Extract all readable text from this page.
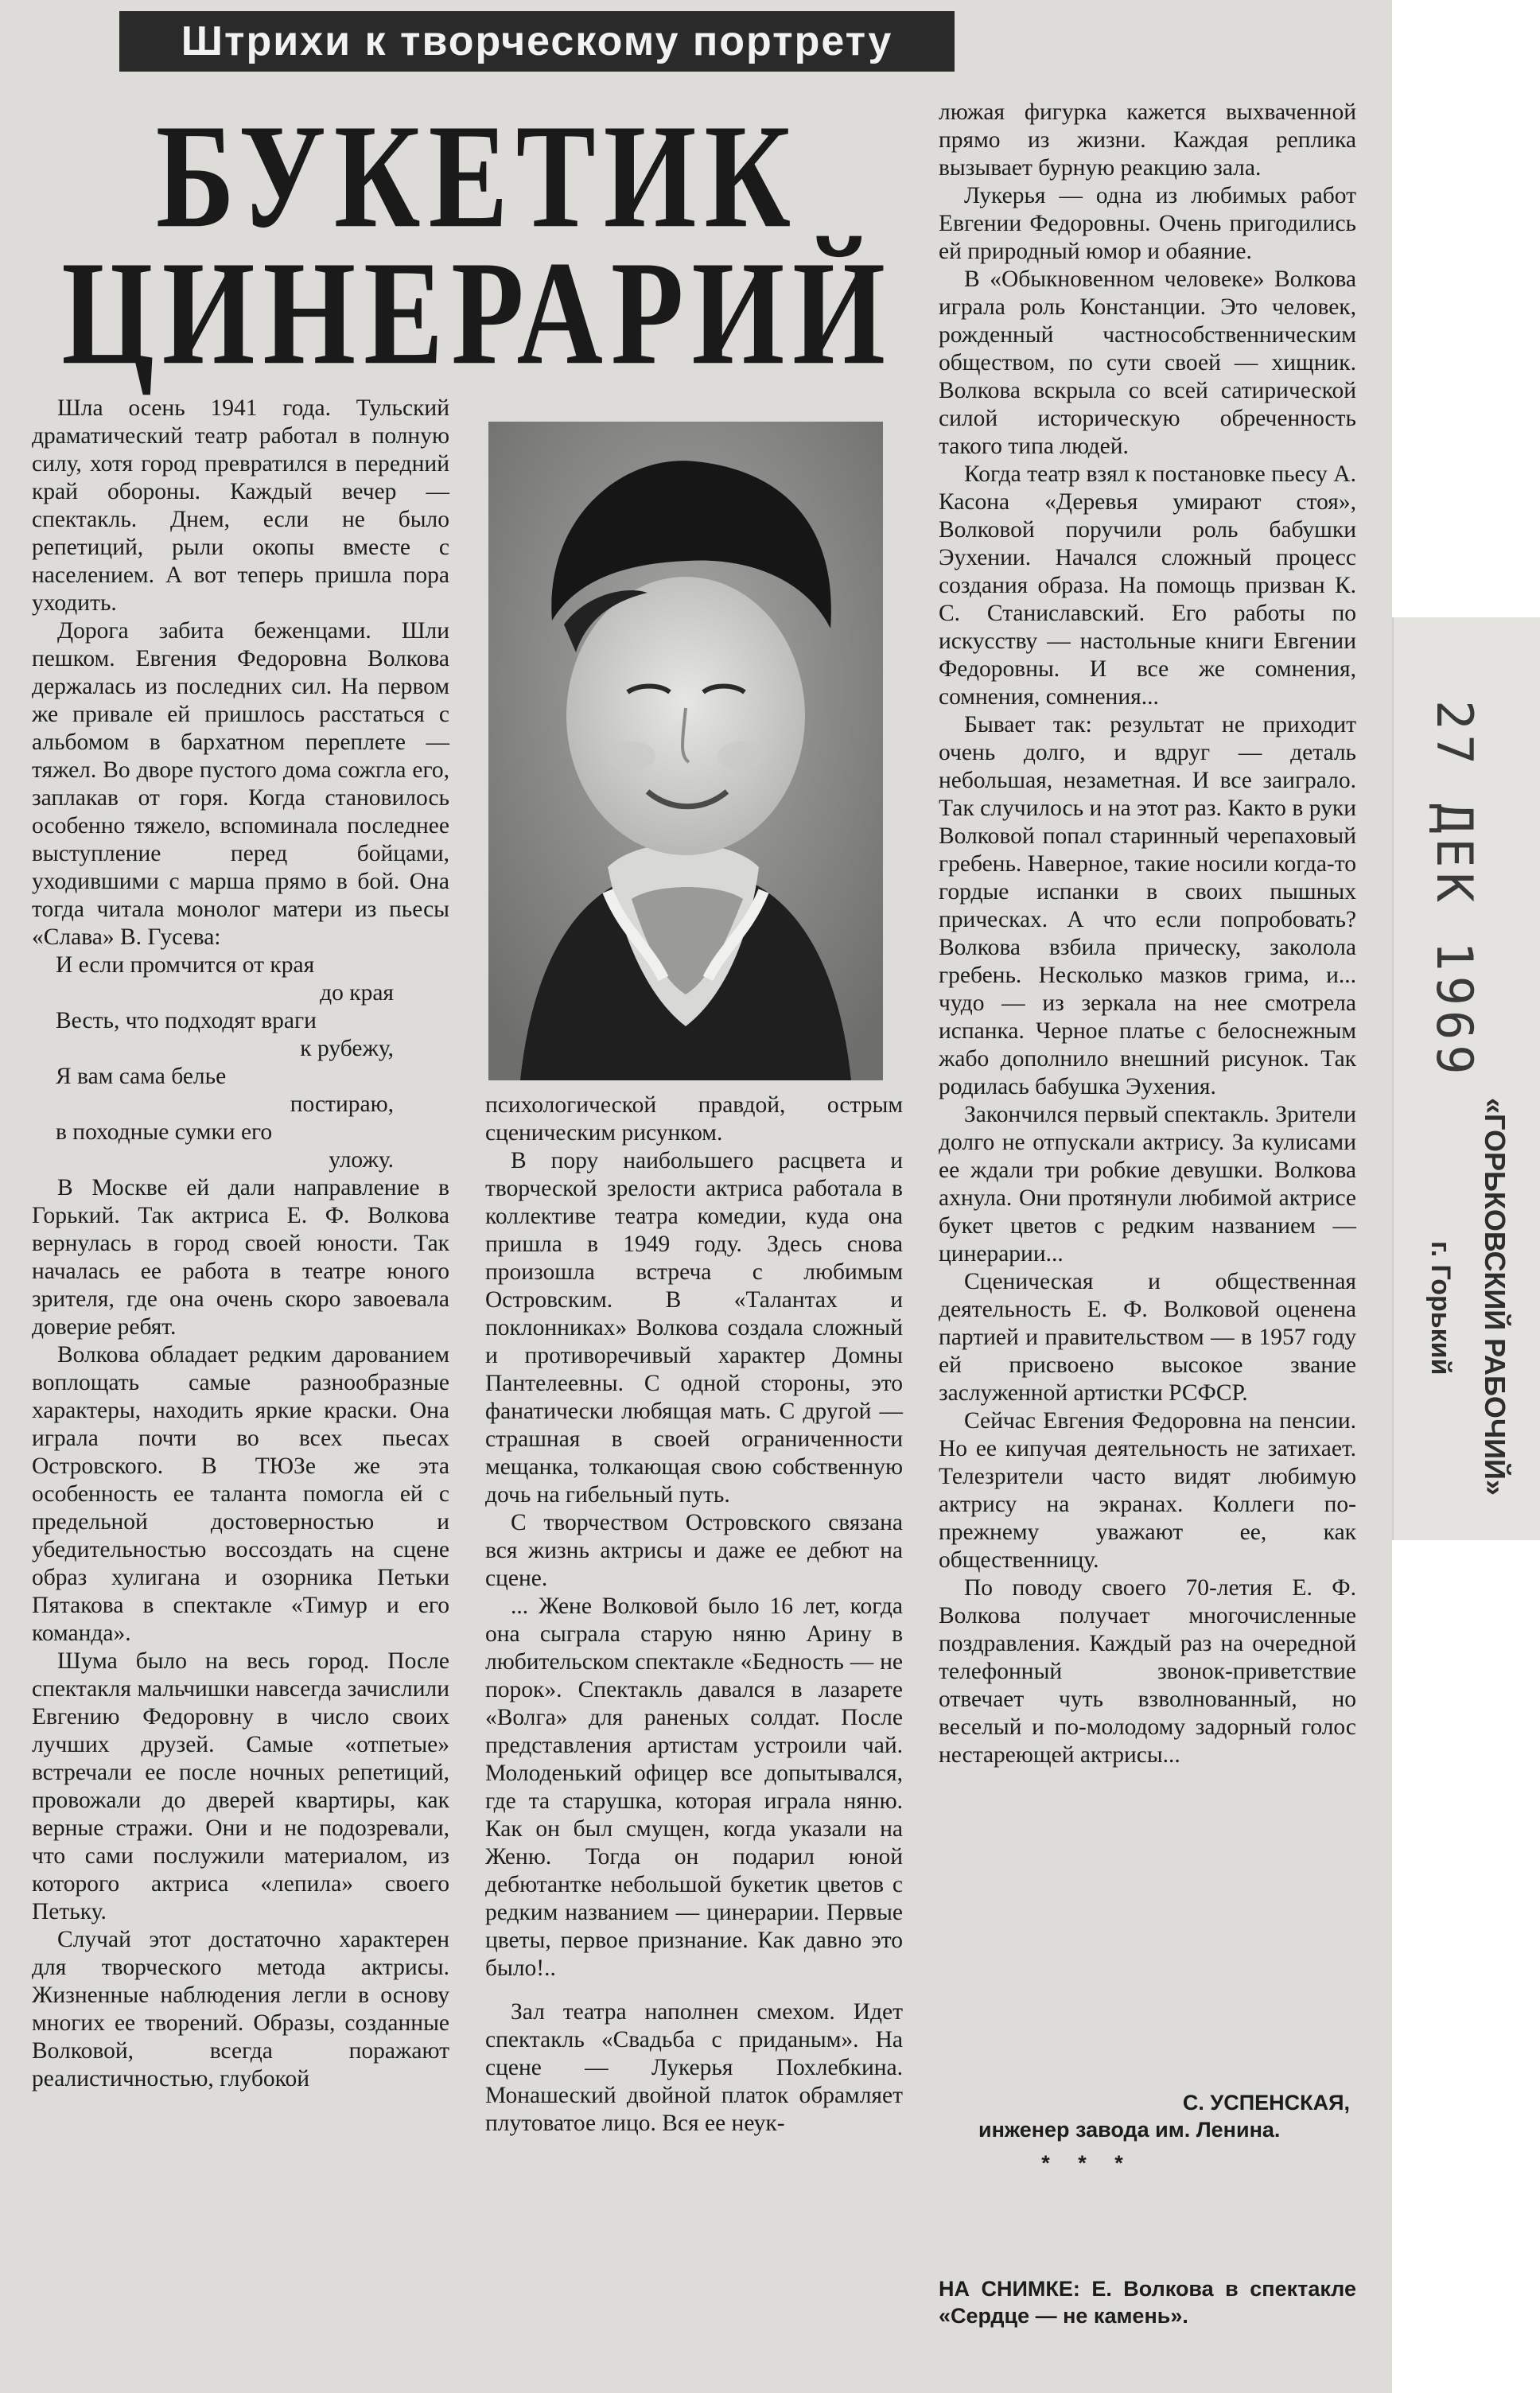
Штрихи к творческому портрету
БУКЕТИК
ЦИНЕРАРИЙ

Шла осень 1941 года. Тульский драматический театр работал в полную силу, хотя город превратился в передний край обороны. Каждый вечер — спектакль. Днем, если не было репетиций, рыли окопы вместе с населением. А вот теперь пришла пора уходить.

Дорога забита беженцами. Шли пешком. Евгения Федоровна Волкова держалась из последних сил. На первом же привале ей пришлось расстаться с альбомом в бархатном переплете — тяжел. Во дворе пустого дома сожгла его, заплакав от горя. Когда становилось особенно тяжело, вспоминала последнее выступление перед бойцами, уходившими с марша прямо в бой. Она тогда читала монолог матери из пьесы «Слава» В. Гусева:

И если промчится от края
до края

Весть, что подходят враги
к рубежу,

Я вам сама белье
постираю,

в походные сумки его
уложу.

В Москве ей дали направление в Горький. Так актриса Е. Ф. Волкова вернулась в город своей юности. Так началась ее работа в театре юного зрителя, где она очень скоро завоевала доверие ребят.

Волкова обладает редким дарованием воплощать самые разнообразные характеры, находить яркие краски. Она играла почти во всех пьесах Островского. В ТЮЗе же эта особенность ее таланта помогла ей с предельной достоверностью и убедительностью воссоздать на сцене образ хулигана и озорника Петьки Пятакова в спектакле «Тимур и его команда».

Шума было на весь город. После спектакля мальчишки навсегда зачислили Евгению Федоровну в число своих лучших друзей. Самые «отпетые» встречали ее после ночных репетиций, провожали до дверей квартиры, как верные стражи. Они и не подозревали, что сами послужили материалом, из которого актриса «лепила» своего Петьку.

Случай этот достаточно характерен для творческого метода актрисы. Жизненные наблюдения легли в основу многих ее творений. Образы, созданные Волковой, всегда поражают реалистичностью, глубокой

психологической правдой, острым сценическим рисунком.

В пору наибольшего расцвета и творческой зрелости актриса работала в коллективе театра комедии, куда она пришла в 1949 году. Здесь снова произошла встреча с любимым Островским. В «Талантах и поклонниках» Волкова создала сложный и противоречивый характер Домны Пантелеевны. С одной стороны, это фанатически любящая мать. С другой — страшная в своей ограниченности мещанка, толкающая свою собственную дочь на гибельный путь.

С творчеством Островского связана вся жизнь актрисы и даже ее дебют на сцене.

... Жене Волковой было 16 лет, когда она сыграла старую няню Арину в любительском спектакле «Бедность — не порок». Спектакль давался в лазарете «Волга» для раненых солдат. После представления артистам устроили чай. Молоденький офицер все допытывался, где та старушка, которая играла няню. Как он был смущен, когда указали на Женю. Тогда он подарил юной дебютантке небольшой букетик цветов с редким названием — цинерарии. Первые цветы, первое признание. Как давно это было!..

Зал театра наполнен смехом. Идет спектакль «Свадьба с приданым». На сцене — Лукерья Похлебкина. Монашеский двойной платок обрамляет плутоватое лицо. Вся ее неук-

люжая фигурка кажется выхваченной прямо из жизни. Каждая реплика вызывает бурную реакцию зала.

Лукерья — одна из любимых работ Евгении Федоровны. Очень пригодились ей природный юмор и обаяние.

В «Обыкновенном человеке» Волкова играла роль Констанции. Это человек, рожденный частнособственническим обществом, по сути своей — хищник. Волкова вскрыла со всей сатирической силой историческую обреченность такого типа людей.

Когда театр взял к постановке пьесу А. Касона «Деревья умирают стоя», Волковой поручили роль бабушки Эухении. Начался сложный процесс создания образа. На помощь призван К. С. Станиславский. Его работы по искусству — настольные книги Евгении Федоровны. И все же сомнения, сомнения, сомнения...

Бывает так: результат не приходит очень долго, и вдруг — деталь небольшая, незаметная. И все заиграло. Так случилось и на этот раз. Както в руки Волковой попал старинный черепаховый гребень. Наверное, такие носили когда-то гордые испанки в своих пышных прическах. А что если попробовать? Волкова взбила прическу, заколола гребень. Несколько мазков грима, и... чудо — из зеркала на нее смотрела испанка. Черное платье с белоснежным жабо дополнило внешний рисунок. Так родилась бабушка Эухения.

Закончился первый спектакль. Зрители долго не отпускали актрису. За кулисами ее ждали три робкие девушки. Волкова ахнула. Они протянули любимой актрисе букет цветов с редким названием — цинерарии...

Сценическая и общественная деятельность Е. Ф. Волковой оценена партией и правительством — в 1957 году ей присвоено высокое звание заслуженной артистки РСФСР.

Сейчас Евгения Федоровна на пенсии. Но ее кипучая деятельность не затихает. Телезрители часто видят любимую актрису на экранах. Коллеги по-прежнему уважают ее, как общественницу.

По поводу своего 70-летия Е. Ф. Волкова получает многочисленные поздравления. Каждый раз на очередной телефонный звонок-приветствие отвечает чуть взволнованный, но веселый и по-молодому задорный голос нестареющей актрисы...

С. УСПЕНСКАЯ,
инженер завода им. Ленина.
* * *
НА СНИМКЕ: Е. Волкова в спектакле «Сердце — не камень».
27 ДЕК 1969
«ГОРЬКОВСКИЙ РАБОЧИЙ»
г. Горький
